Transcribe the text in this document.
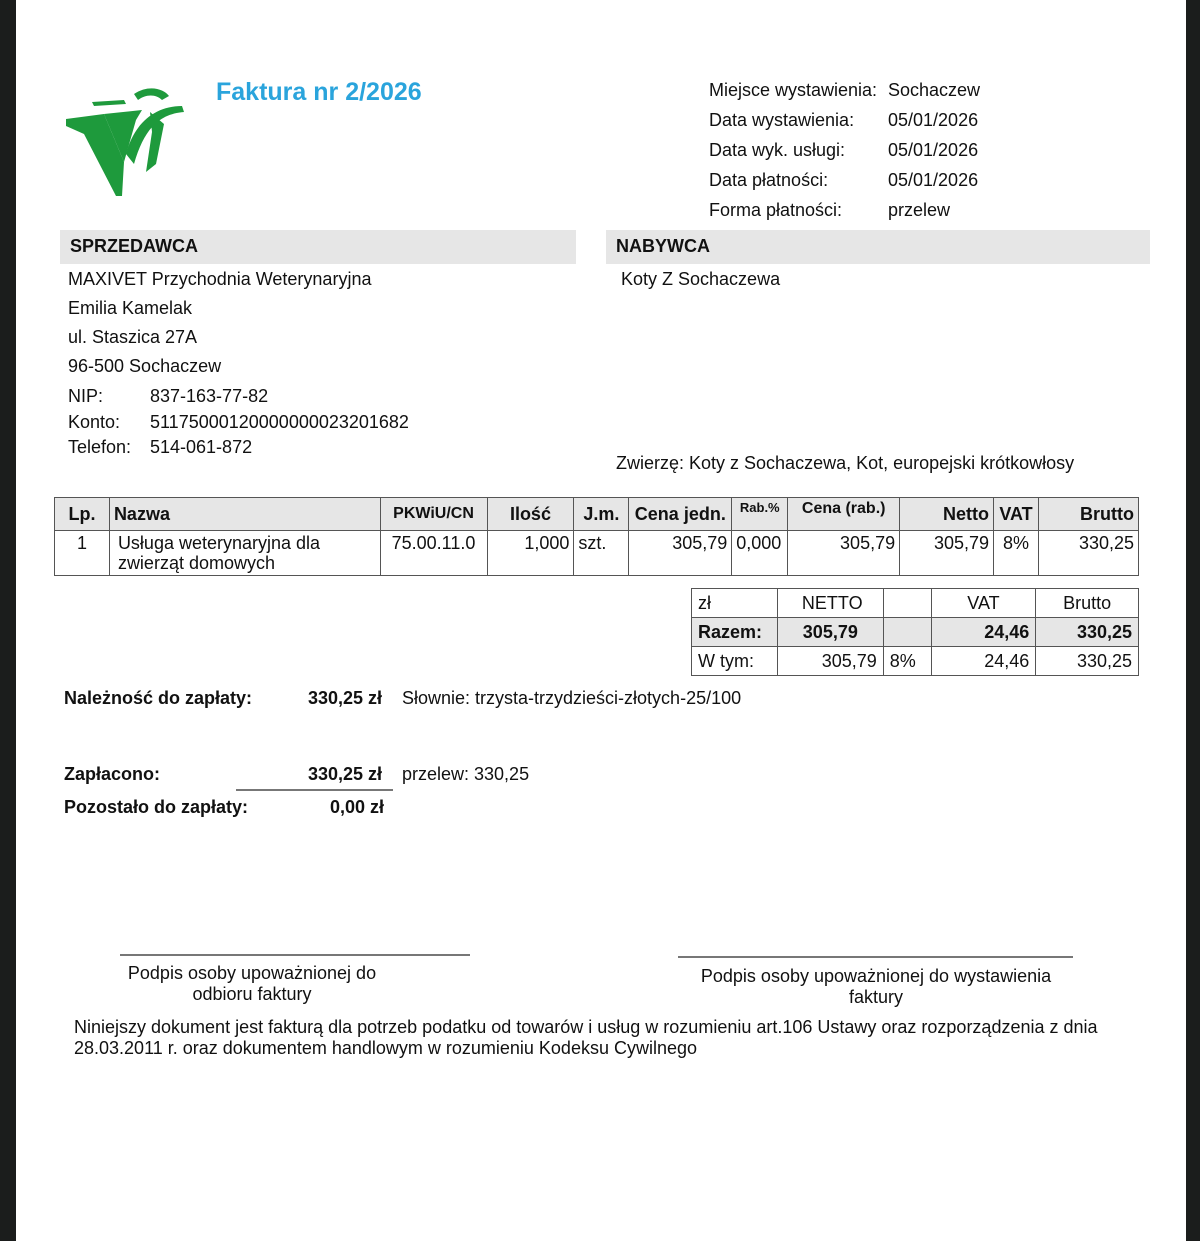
Faktura nr 2/2026	Miejsce wystawienia: Sochaczew
Data wystawienia: 05/01/2026
Data wyk. usługi: 05/01/2026
Data płatności:	05/01/2026
Forma płatności:	przelew
SPRZEDAWCA	NABYWCA
MAXIVET Przychodnia Weterynaryjna
Emilia Kamelak
ul. Staszica 27A
96-500 Sochaczew
NIP:	837-163-77-82
Konto: 51175000120000000023201682
Telefon: 514-061-872
Koty Z Sochaczewa
Zwierzę: Koty z Sochaczewa, Kot, europejski krótkowłosy
Lp.	Nazwa	PKWiU/CN	Ilość	J.m.	Cena jedn.	Rab.%	Cena (rab.)	Netto	VAT	Brutto
1	Usługa weterynaryjna dla zwierząt domowych	75.00.11.0	1,000	szt.	305,79	0,000	305,79	305,79	8%	330,25
zł	NETTO		VAT	Brutto
Razem:	305,79		24,46	330,25
W tym:	305,79	8%	24,46	330,25
Należność do zapłaty:	330,25 zł Słownie: trzysta-trzydzieści-złotych-25/100
Zapłacono:	330,25 zł przelew: 330,25
Pozostało do zapłaty:	0,00 zł
Podpis osoby upoważnionej do odbioru faktury
Podpis osoby upoważnionej do wystawienia faktury
Niniejszy dokument jest fakturą dla potrzeb podatku od towarów i usług w rozumieniu art.106 Ustawy oraz rozporządzenia z dnia 28.03.2011 r. oraz dokumentem handlowym w rozumieniu Kodeksu Cywilnego
